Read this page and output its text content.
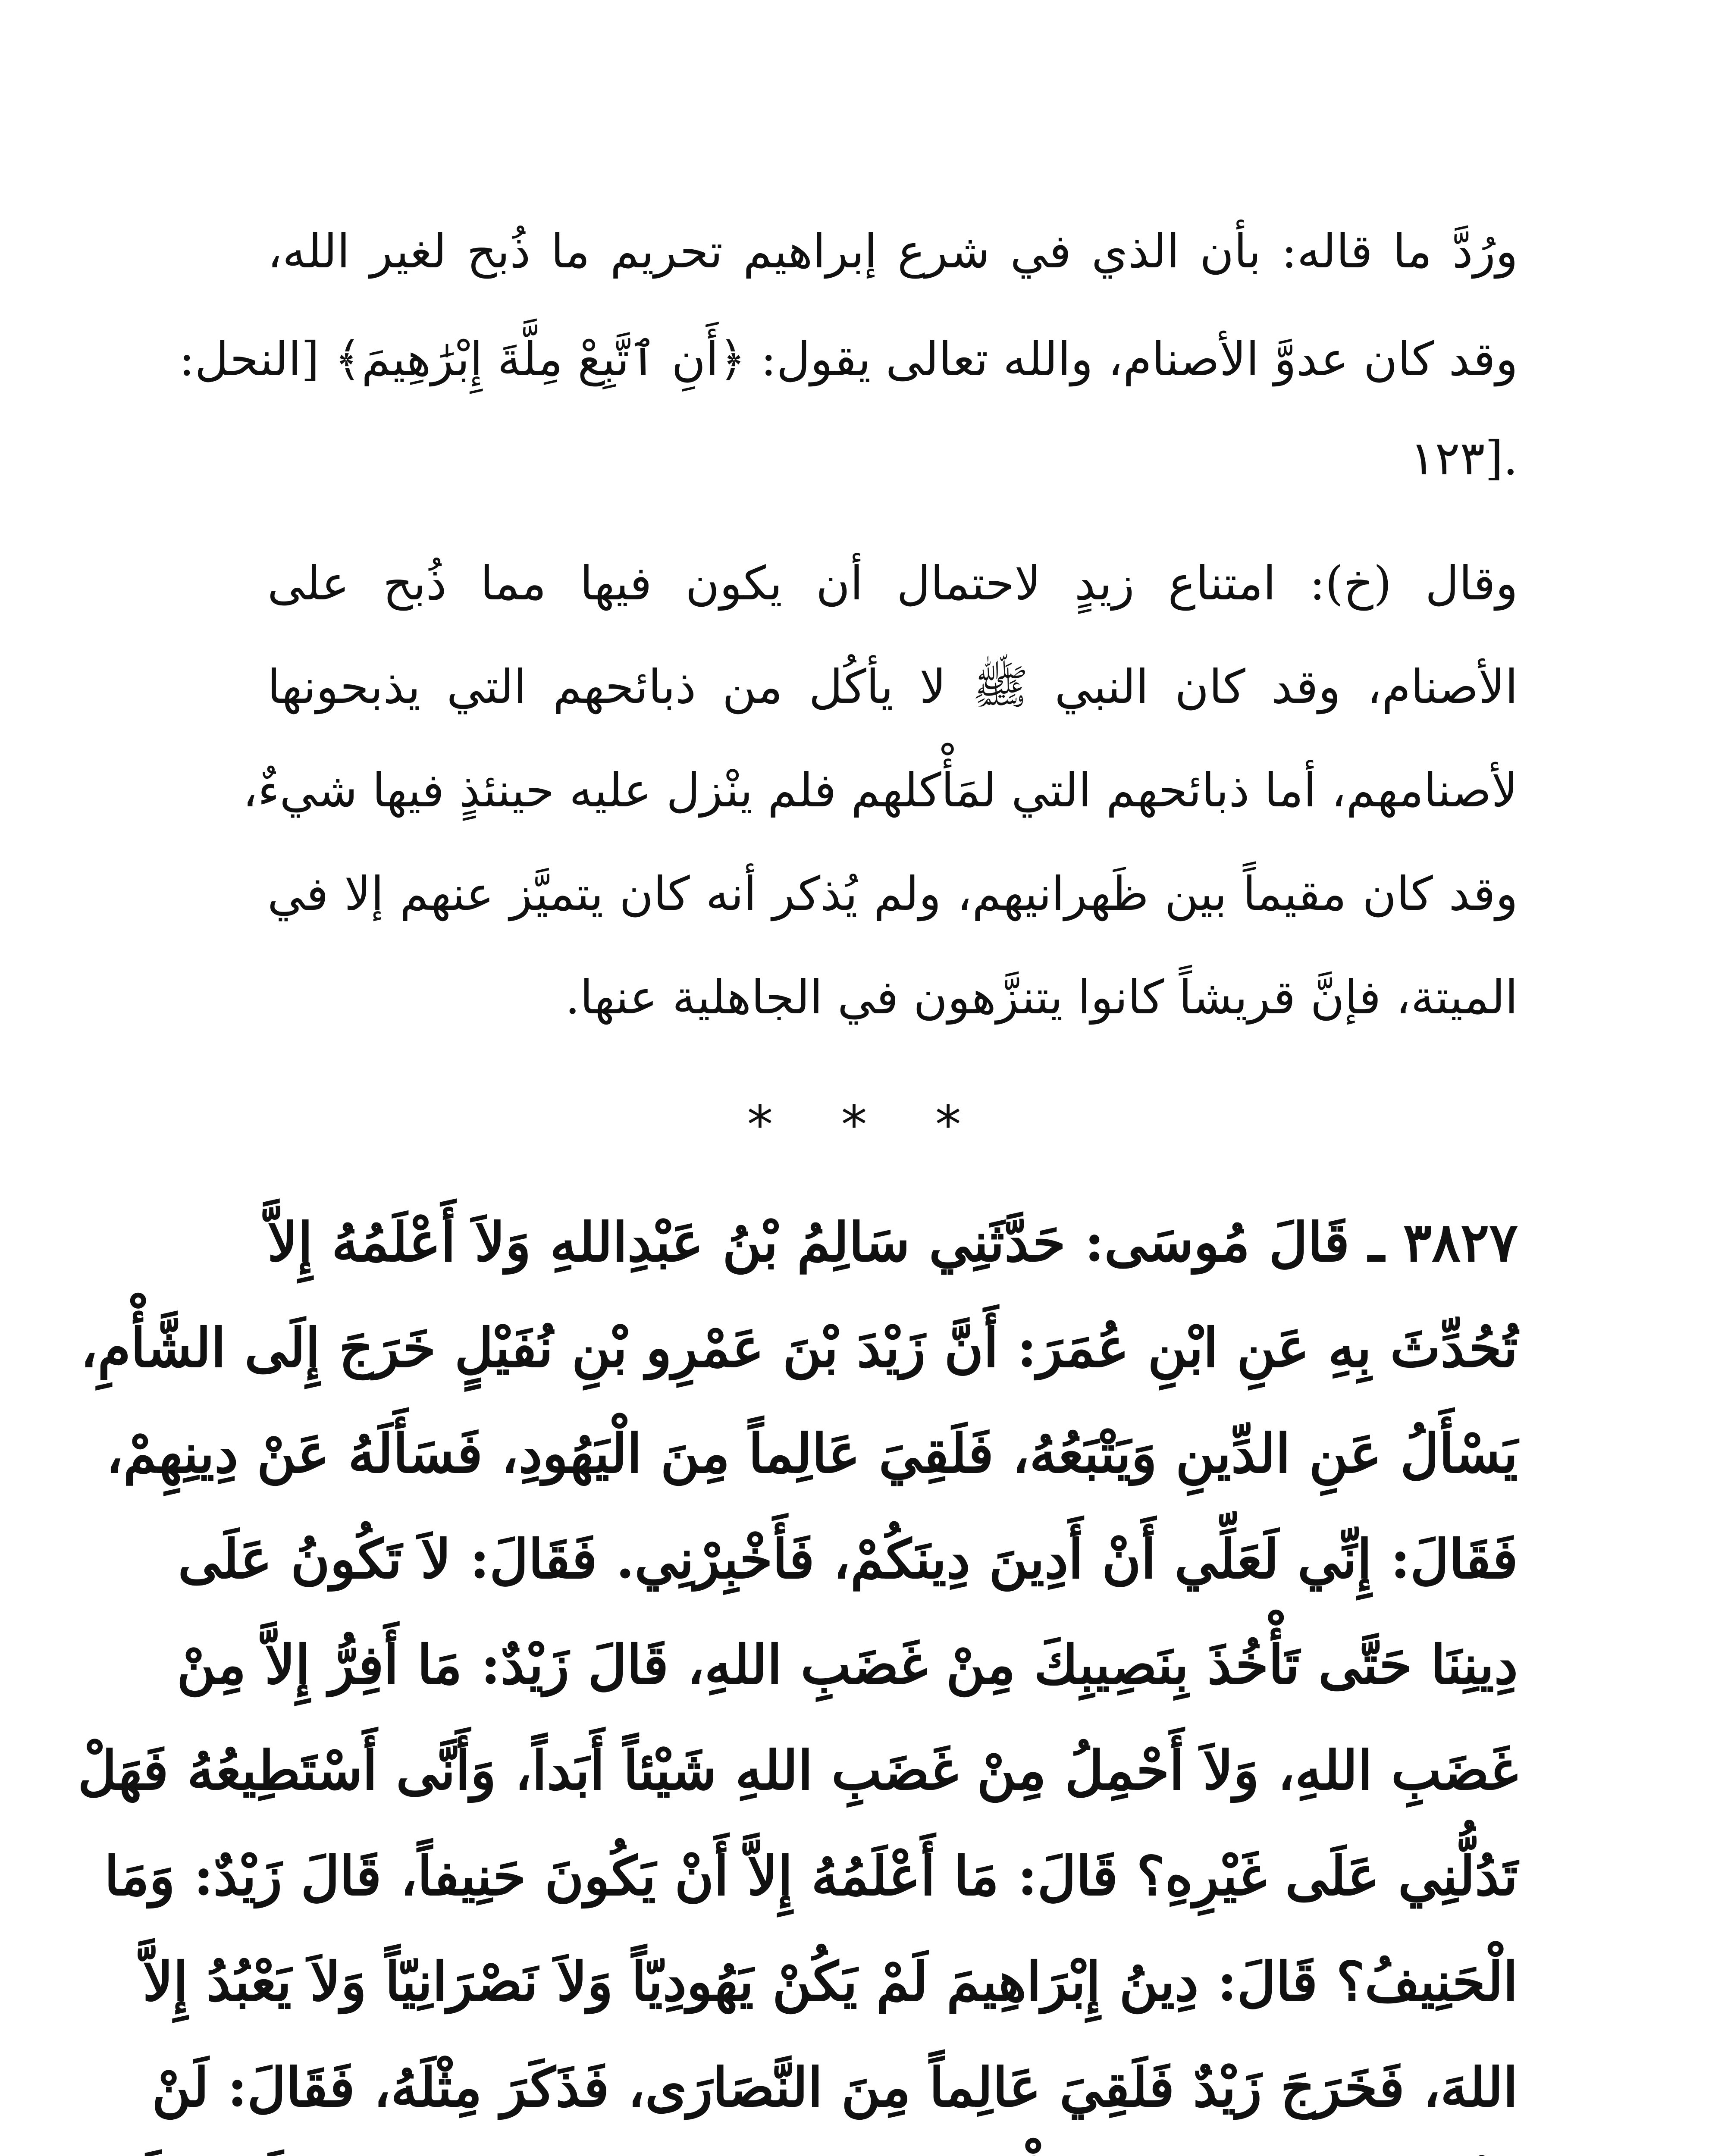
ورُدَّ ما قاله: بأن الذي في شرع إبراهيم تحريم ما ذُبح لغير الله،
وقد كان عدوَّ الأصنام، والله تعالى يقول: ﴿أَنِ ٱتَّبِعْ مِلَّةَ إِبْرَٰهِيمَ﴾ [النحل:
١٢٣].
وقال (خ): امتناع زيدٍ لاحتمال أن يكون فيها مما ذُبح على
الأصنام، وقد كان النبي ﷺ لا يأكُل من ذبائحهم التي يذبحونها
لأصنامهم، أما ذبائحهم التي لمَأْكلهم فلم ينْزل عليه حينئذٍ فيها شيءٌ،
وقد كان مقيماً بين ظَهرانيهم، ولم يُذكر أنه كان يتميَّز عنهم إلا في
الميتة، فإنَّ قريشاً كانوا يتنزَّهون في الجاهلية عنها.
* * *
٣٨٢٧ ـ قَالَ مُوسَى: حَدَّثَنِي سَالِمُ بْنُ عَبْدِاللهِ وَلاَ أَعْلَمُهُ إِلاَّ
تُحُدِّثَ بِهِ عَنِ ابْنِ عُمَرَ: أَنَّ زَيْدَ بْنَ عَمْرِو بْنِ نُفَيْلٍ خَرَجَ إِلَى الشَّأْمِ،
يَسْأَلُ عَنِ الدِّينِ وَيَتْبَعُهُ، فَلَقِيَ عَالِماً مِنَ الْيَهُودِ، فَسَأَلَهُ عَنْ دِينِهِمْ،
فَقَالَ: إِنِّي لَعَلِّي أَنْ أَدِينَ دِينَكُمْ، فَأَخْبِرْنِي. فَقَالَ: لاَ تَكُونُ عَلَى
دِينِنَا حَتَّى تَأْخُذَ بِنَصِيبِكَ مِنْ غَضَبِ اللهِ، قَالَ زَيْدٌ: مَا أَفِرُّ إِلاَّ مِنْ
غَضَبِ اللهِ، وَلاَ أَحْمِلُ مِنْ غَضَبِ اللهِ شَيْئاً أَبَداً، وَأَنَّى أَسْتَطِيعُهُ فَهَلْ
تَدُلُّنِي عَلَى غَيْرِهِ؟ قَالَ: مَا أَعْلَمُهُ إِلاَّ أَنْ يَكُونَ حَنِيفاً، قَالَ زَيْدٌ: وَمَا
الْحَنِيفُ؟ قَالَ: دِينُ إِبْرَاهِيمَ لَمْ يَكُنْ يَهُودِيّاً وَلاَ نَصْرَانِيّاً وَلاَ يَعْبُدُ إِلاَّ
اللهَ، فَخَرَجَ زَيْدٌ فَلَقِيَ عَالِماً مِنَ النَّصَارَى، فَذَكَرَ مِثْلَهُ، فَقَالَ: لَنْ
